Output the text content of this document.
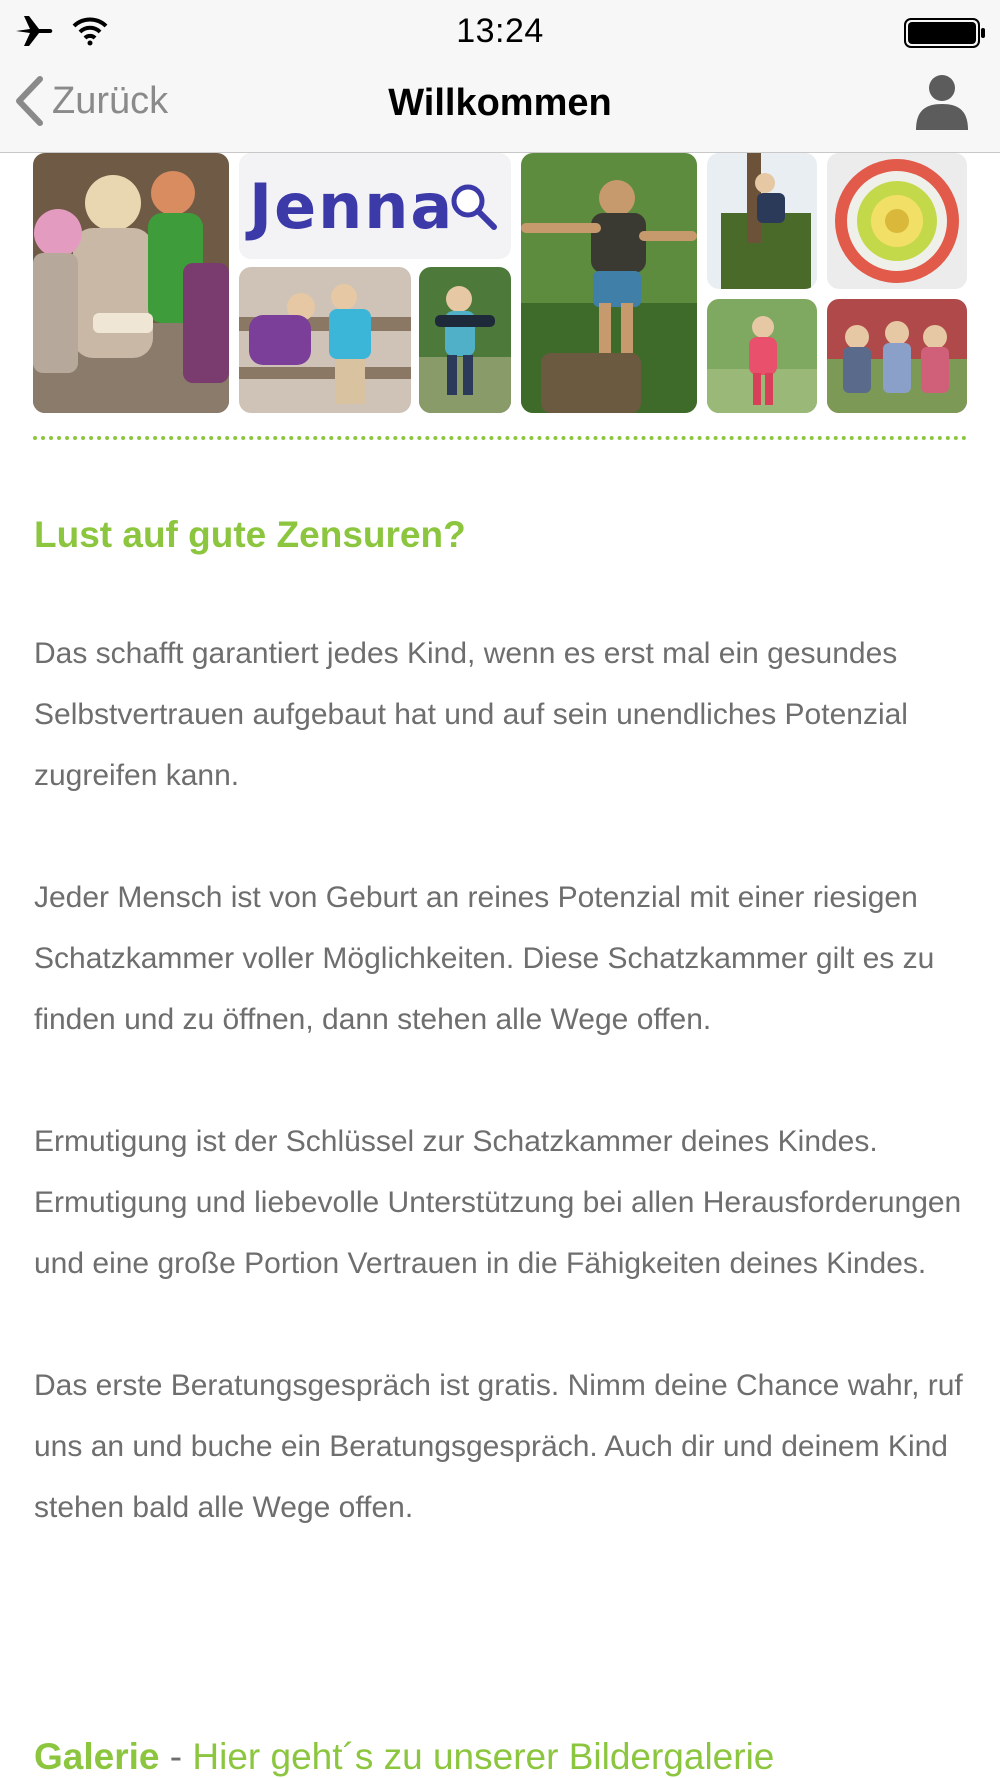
13:24
Zurück	Willkommen
Jenna
Lust auf gute Zensuren?

Das schafft garantiert jedes Kind, wenn es erst mal ein gesundes Selbstvertrauen aufgebaut hat und auf sein unendliches Potenzial zugreifen kann.

Jeder Mensch ist von Geburt an reines Potenzial mit einer riesigen Schatzkammer voller Möglichkeiten. Diese Schatzkammer gilt es zu finden und zu öffnen, dann stehen alle Wege offen.

Ermutigung ist der Schlüssel zur Schatzkammer deines Kindes. Ermutigung und liebevolle Unterstützung bei allen Herausforderungen und eine große Portion Vertrauen in die Fähigkeiten deines Kindes.

Das erste Beratungsgespräch ist gratis. Nimm deine Chance wahr, ruf uns an und buche ein Beratungsgespräch. Auch dir und deinem Kind stehen bald alle Wege offen.

Galerie - Hier geht´s zu unserer Bildergalerie
